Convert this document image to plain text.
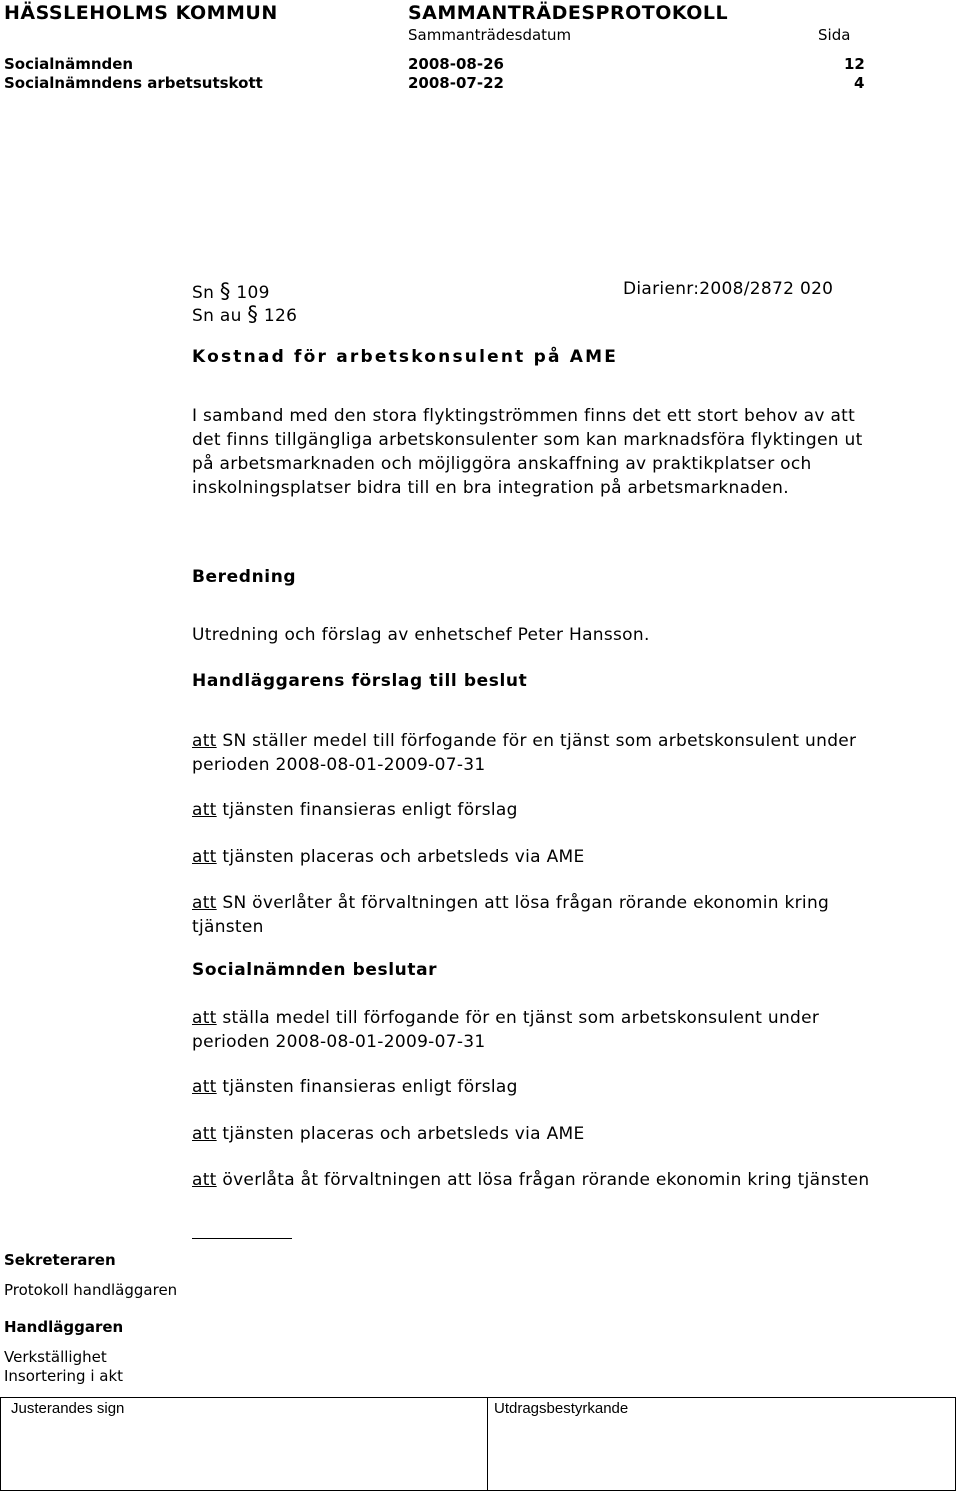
HÄSSLEHOLMS KOMMUN	SAMMANTRÄDESPROTOKOLL
Sammanträdesdatum	Sida
Socialnämnden	2008-08-26	12
Socialnämndens arbetsutskott	2008-07-22	4
Sn § 109	Diarienr:2008/2872 020
Sn au § 126
Kostnad för arbetskonsulent på AME
I samband med den stora flyktingströmmen finns det ett stort behov av att det finns tillgängliga arbetskonsulenter som kan marknadsföra flyktingen ut på arbetsmarknaden och möjliggöra anskaffning av praktikplatser och inskolningsplatser bidra till en bra integration på arbetsmarknaden.
Beredning
Utredning och förslag av enhetschef Peter Hansson.
Handläggarens förslag till beslut
att SN ställer medel till förfogande för en tjänst som arbetskonsulent under perioden 2008-08-01-2009-07-31
att tjänsten finansieras enligt förslag
att tjänsten placeras och arbetsleds via AME
att SN överlåter åt förvaltningen att lösa frågan rörande ekonomin kring tjänsten
Socialnämnden beslutar
att ställa medel till förfogande för en tjänst som arbetskonsulent under perioden 2008-08-01-2009-07-31
att tjänsten finansieras enligt förslag
att tjänsten placeras och arbetsleds via AME
att överlåta åt förvaltningen att lösa frågan rörande ekonomin kring tjänsten
Sekreteraren
Protokoll handläggaren
Handläggaren
Verkställighet
Insortering i akt
Justerandes sign	Utdragsbestyrkande
